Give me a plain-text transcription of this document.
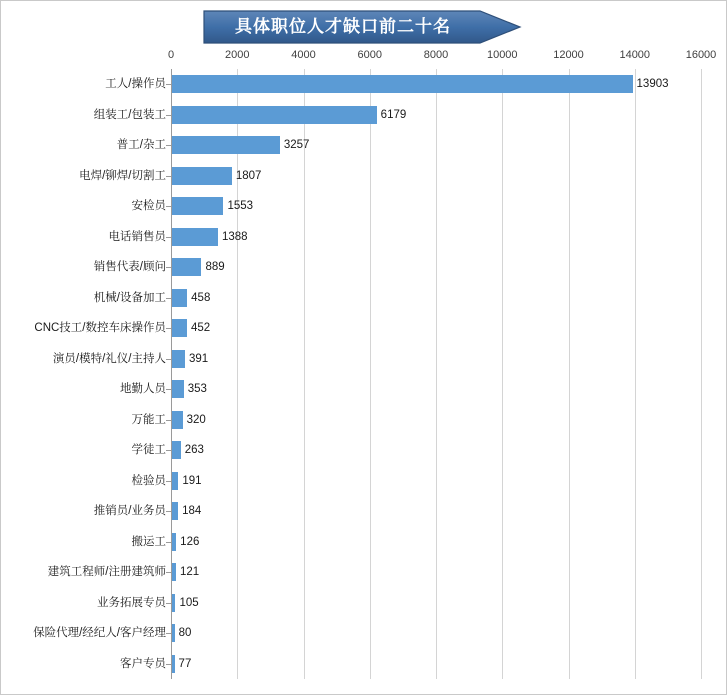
具体职位人才缺口前二十名
0	2000	4000	6000	8000	10000	12000	14000	16000
工人/操作员	13903
组装工/包装工	6179
普工/杂工	3257
电焊/铆焊/切割工	1807
安检员	1553
电话销售员	1388
销售代表/顾问	889
机械/设备加工 458
CNC技工/数控车床操作员 452
演员/模特/礼仪/主持人 391
地勤人员 353
万能工 320
学徒工 263
检验员 191
推销员/业务员 184
搬运工 126
建筑工程师/注册建筑师 121
业务拓展专员 105
保险代理/经纪人/客户经理 80
客户专员 77
